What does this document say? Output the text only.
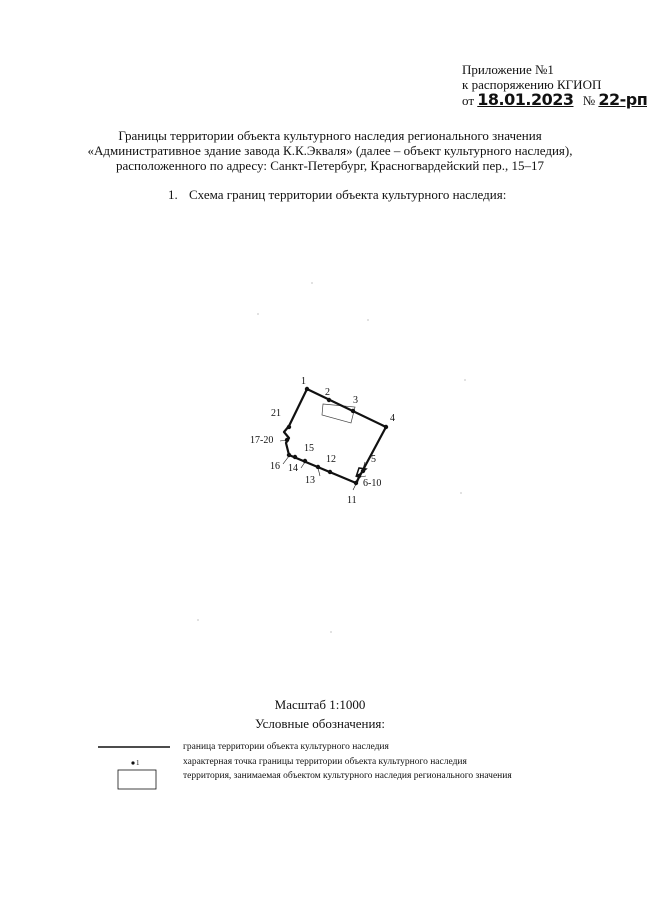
Приложение №1
к распоряжению КГИОП
от 18.01.2023 № 22-рп
Границы территории объекта культурного наследия регионального значения
«Административное здание завода К.К.Экваля» (далее – объект культурного наследия),
расположенного по адресу: Санкт-Петербург, Красногвардейский пер., 15–17
1. Схема границ территории объекта культурного наследия:
1
2
3
4
5
6-10
11
12
13
14
15
16
17-20
21
Масштаб 1:1000
Условные обозначения:
1
граница территории объекта культурного наследия
характерная точка границы территории объекта культурного наследия
территория, занимаемая объектом культурного наследия регионального значения
